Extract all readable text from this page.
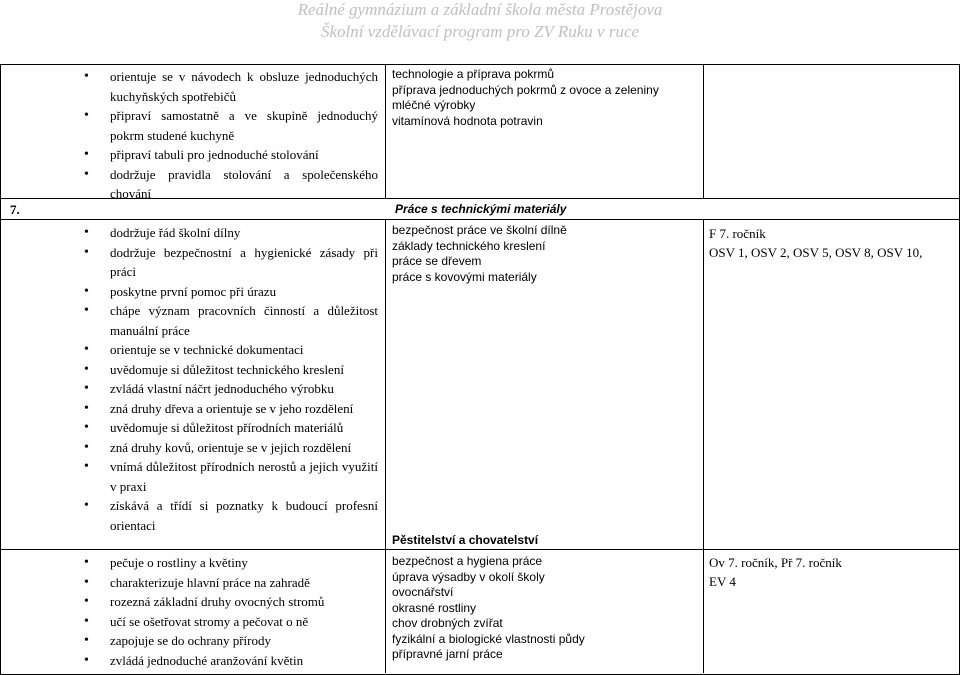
Reálné gymnázium a základní škola města Prostějova
Školní vzdělávací program pro ZV Ruku v ruce
• orientuje se v návodech k obsluze jednoduchých kuchyňských spotřebičů
• připraví samostatně a ve skupině jednoduchý pokrm studené kuchyně
• připraví tabuli pro jednoduché stolování
• dodržuje pravidla stolování a společenského chování
technologie a příprava pokrmů
příprava jednoduchých pokrmů z ovoce a zeleniny
mléčné výrobky
vitamínová hodnota potravin
7.	Práce s technickými materiály
• dodržuje řád školní dílny
• dodržuje bezpečnostní a hygienické zásady při práci
• poskytne první pomoc při úrazu
• chápe význam pracovních činností a důležitost manuální práce
• orientuje se v technické dokumentaci
• uvědomuje si důležitost technického kreslení
• zvládá vlastní náčrt jednoduchého výrobku
• zná druhy dřeva a orientuje se v jeho rozdělení
• uvědomuje si důležitost přírodních materiálů
• zná druhy kovů, orientuje se v jejich rozdělení
• vnímá důležitost přírodních nerostů a jejich využití v praxi
• získává a třídí si poznatky k budoucí profesní orientaci
bezpečnost práce ve školní dílně
základy technického kreslení
práce se dřevem
práce s kovovými materiály
F 7. ročník
OSV 1, OSV 2, OSV 5, OSV 8, OSV 10,
Pěstitelství a chovatelství
• pečuje o rostliny a květiny
• charakterizuje hlavní práce na zahradě
• rozezná základní druhy ovocných stromů
• učí se ošetřovat stromy a pečovat o ně
• zapojuje se do ochrany přírody
• zvládá jednoduché aranžování květin
bezpečnost a hygiena práce
úprava výsadby v okolí školy
ovocnářství
okrasné rostliny
chov drobných zvířat
fyzikální a biologické vlastnosti půdy
přípravné jarní práce
Ov 7. ročník, Př 7. ročník
EV 4
